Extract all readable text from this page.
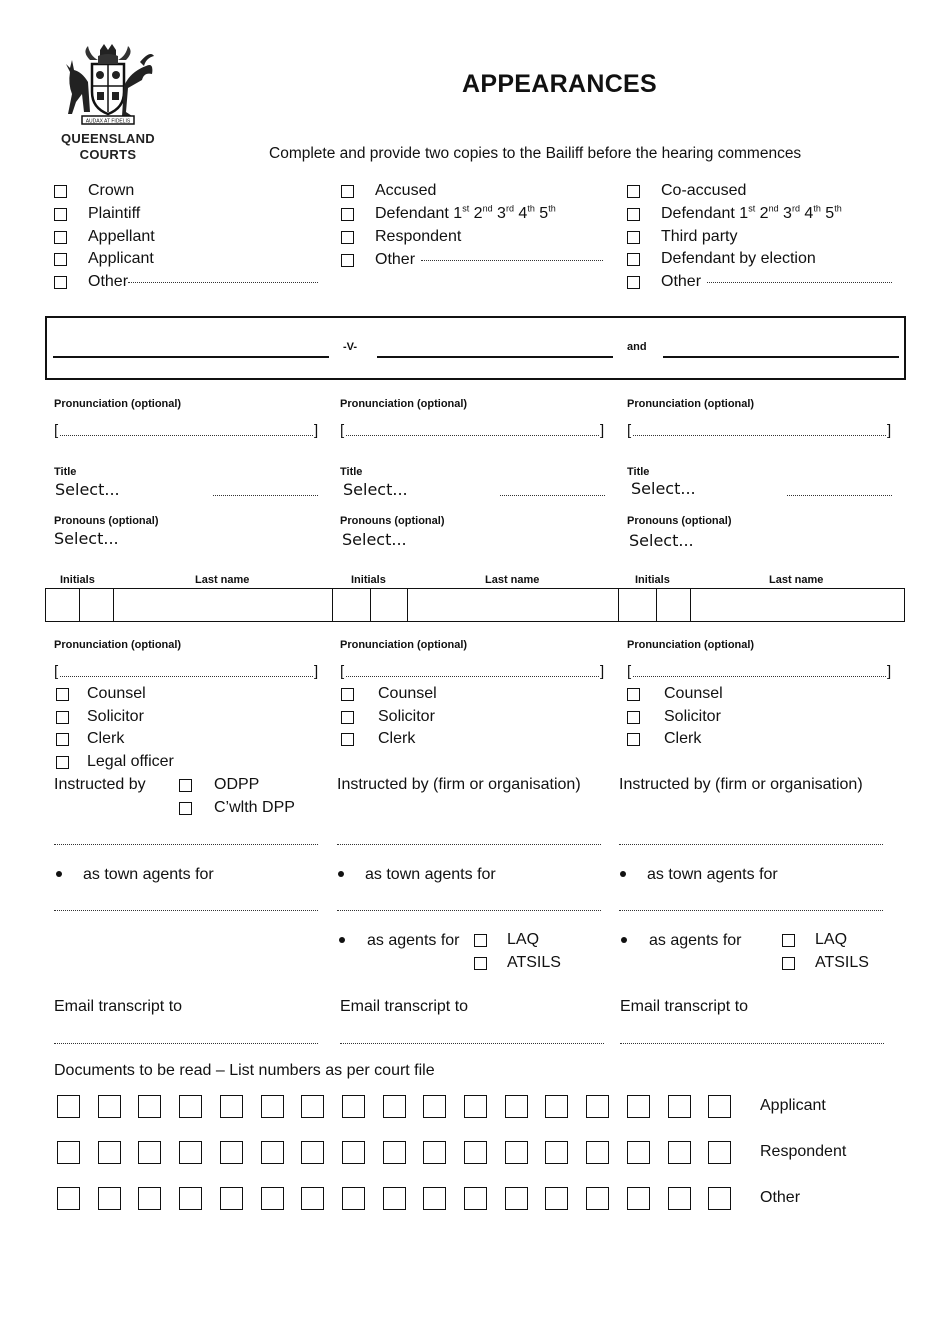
AUDAX AT FIDELIS
QUEENSLAND
COURTS
APPEARANCES
Complete and provide two copies to the Bailiff before the hearing commences
Crown
Plaintiff
Appellant
Applicant
Other
Accused
Defendant 1st 2nd 3rd 4th 5th
Respondent
Other
Co-accused
Defendant 1st 2nd 3rd 4th 5th
Third party
Defendant by election
Other
-V-	and
Pronunciation (optional)	Pronunciation (optional)	Pronunciation (optional)
[	] [	] [	]
Title	Title	Title
Select...	Select...	Select...
Pronouns (optional)	Pronouns (optional)	Pronouns (optional)
Select...	Select...	Select...
Initials	Last name	Initials	Last name	Initials	Last name
Pronunciation (optional)	Pronunciation (optional)	Pronunciation (optional)
[	] [	] [	]
Counsel
Solicitor
Clerk
Legal officer
Counsel
Solicitor
Clerk
Counsel
Solicitor
Clerk
Instructed by	ODPP
C’wlth DPP
Instructed by (firm or organisation) Instructed by (firm or organisation)
as town agents for	as town agents for	as town agents for
as agents for	LAQ
ATSILS
as agents for	LAQ
ATSILS
Email transcript to	Email transcript to	Email transcript to
Documents to be read – List numbers as per court file
Applicant
Respondent
Other
